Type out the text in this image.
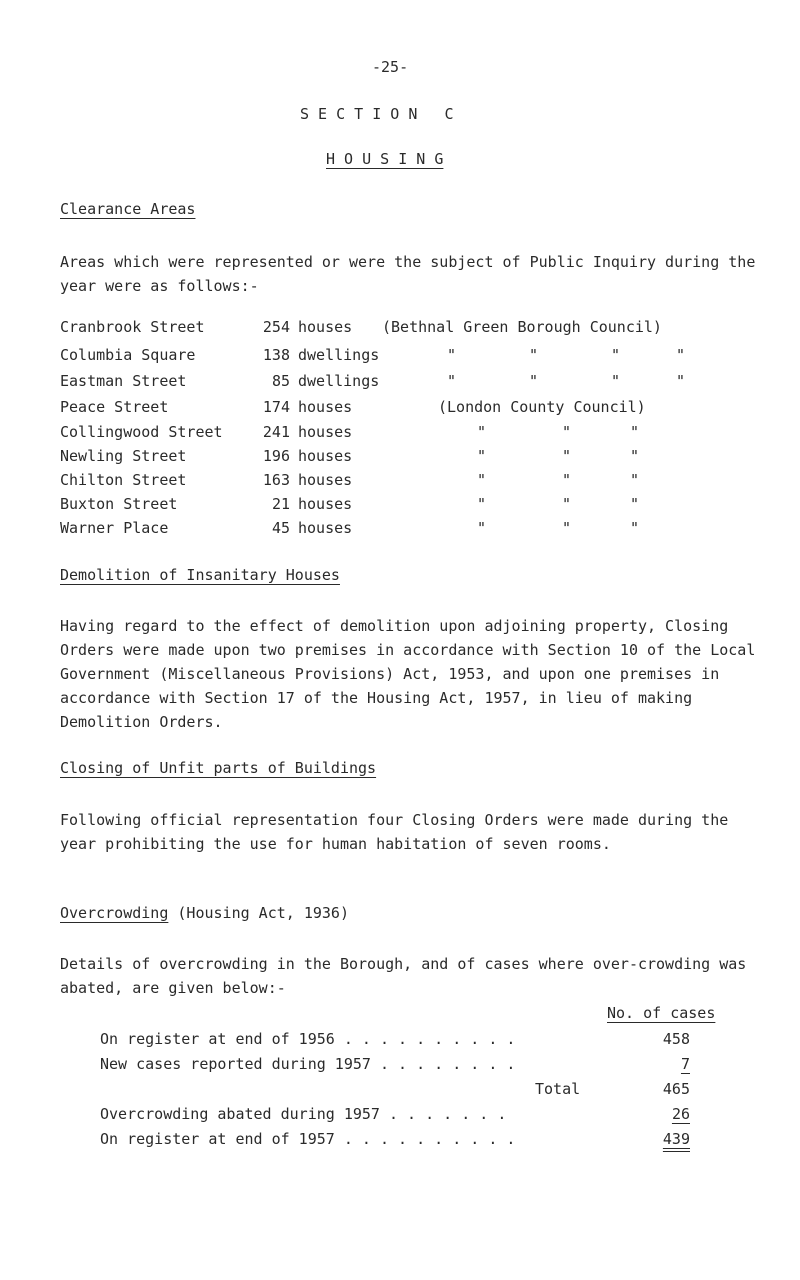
-25-
S E C T I O N   C
H O U S I N G
Clearance Areas
Areas which were represented or were the subject of Public Inquiry during the year were as follows:-
Cranbrook Street	254 houses (Bethnal Green Borough Council)
Columbia Square	138 dwellings	"	"	"	"
Eastman Street	85 dwellings	"	"	"	"
Peace Street	174 houses	(London County Council)
Collingwood Street	241 houses	"	"	"
Newling Street	196 houses	"	"	"
Chilton Street	163 houses	"	"	"
Buxton Street	21 houses	"	"	"
Warner Place	45 houses	"	"	"
Demolition of Insanitary Houses
Having regard to the effect of demolition upon adjoining property, Closing Orders were made upon two premises in accordance with Section 10 of the Local Government (Miscellaneous Provisions) Act, 1953, and upon one premises in accordance with Section 17 of the Housing Act, 1957, in lieu of making Demolition Orders.
Closing of Unfit parts of Buildings
Following official representation four Closing Orders were made during the year prohibiting the use for human habitation of seven rooms.
Overcrowding (Housing Act, 1936)
Details of overcrowding in the Borough, and of cases where over-crowding was abated, are given below:-
No. of cases
On register at end of 1956 . . . . . . . . . .	458
New cases reported during 1957 . . . . . . . .	7
Total	465
Overcrowding abated during 1957 . . . . . . .	26
On register at end of 1957 . . . . . . . . . .	439
